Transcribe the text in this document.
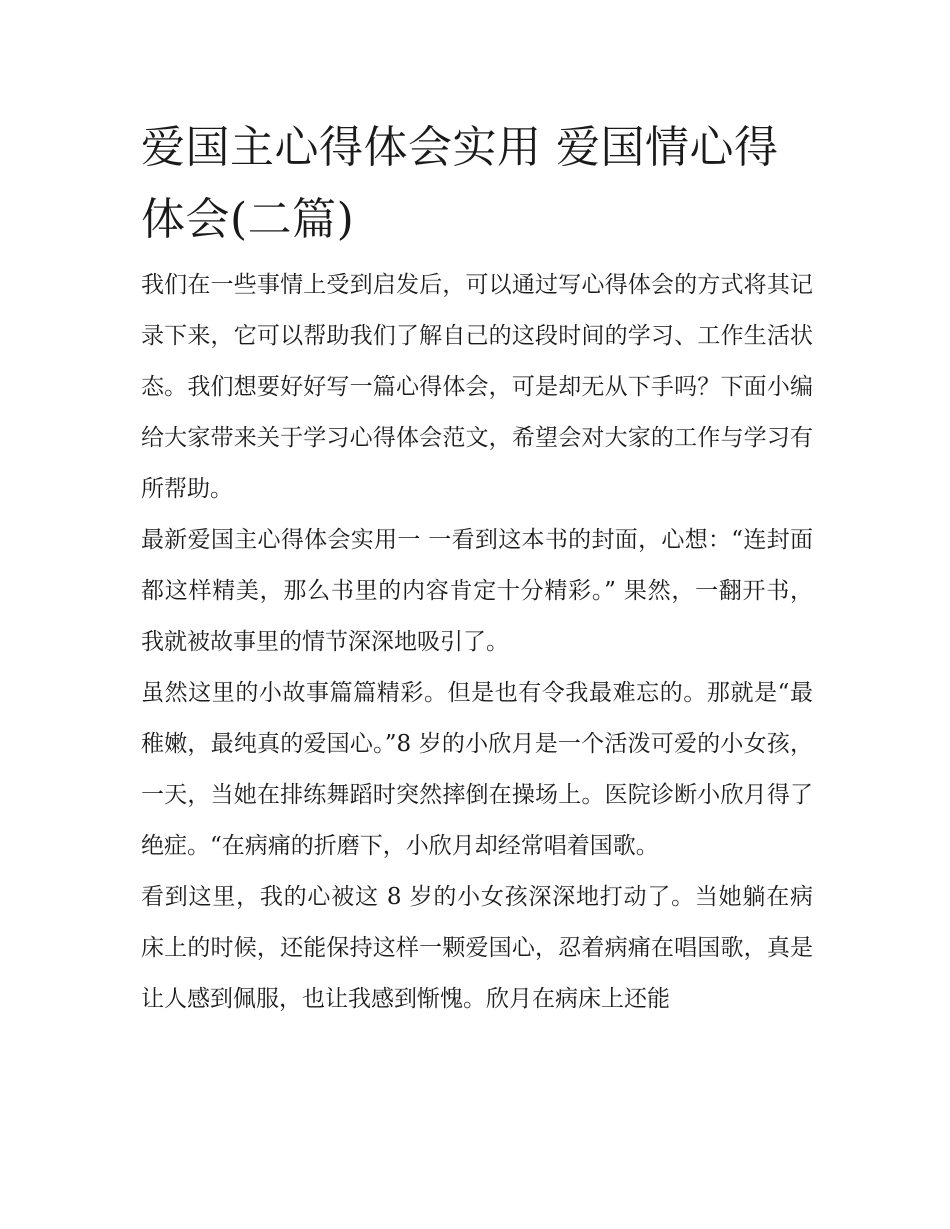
爱国主心得体会实用 爱国情心得体会(二篇)

我们在一些事情上受到启发后，可以通过写心得体会的方式将其记录下来，它可以帮助我们了解自己的这段时间的学习、工作生活状态。我们想要好好写一篇心得体会，可是却无从下手吗？下面小编给大家带来关于学习心得体会范文，希望会对大家的工作与学习有所帮助。

最新爱国主心得体会实用一 一看到这本书的封面，心想：“连封面都这样精美，那么书里的内容肯定十分精彩。” 果然，一翻开书，我就被故事里的情节深深地吸引了。

虽然这里的小故事篇篇精彩。但是也有令我最难忘的。那就是“最稚嫩，最纯真的爱国心。”8 岁的小欣月是一个活泼可爱的小女孩，一天，当她在排练舞蹈时突然摔倒在操场上。医院诊断小欣月得了绝症。“在病痛的折磨下，小欣月却经常唱着国歌。

看到这里，我的心被这 8 岁的小女孩深深地打动了。当她躺在病床上的时候，还能保持这样一颗爱国心，忍着病痛在唱国歌，真是让人感到佩服，也让我感到惭愧。欣月在病床上还能
